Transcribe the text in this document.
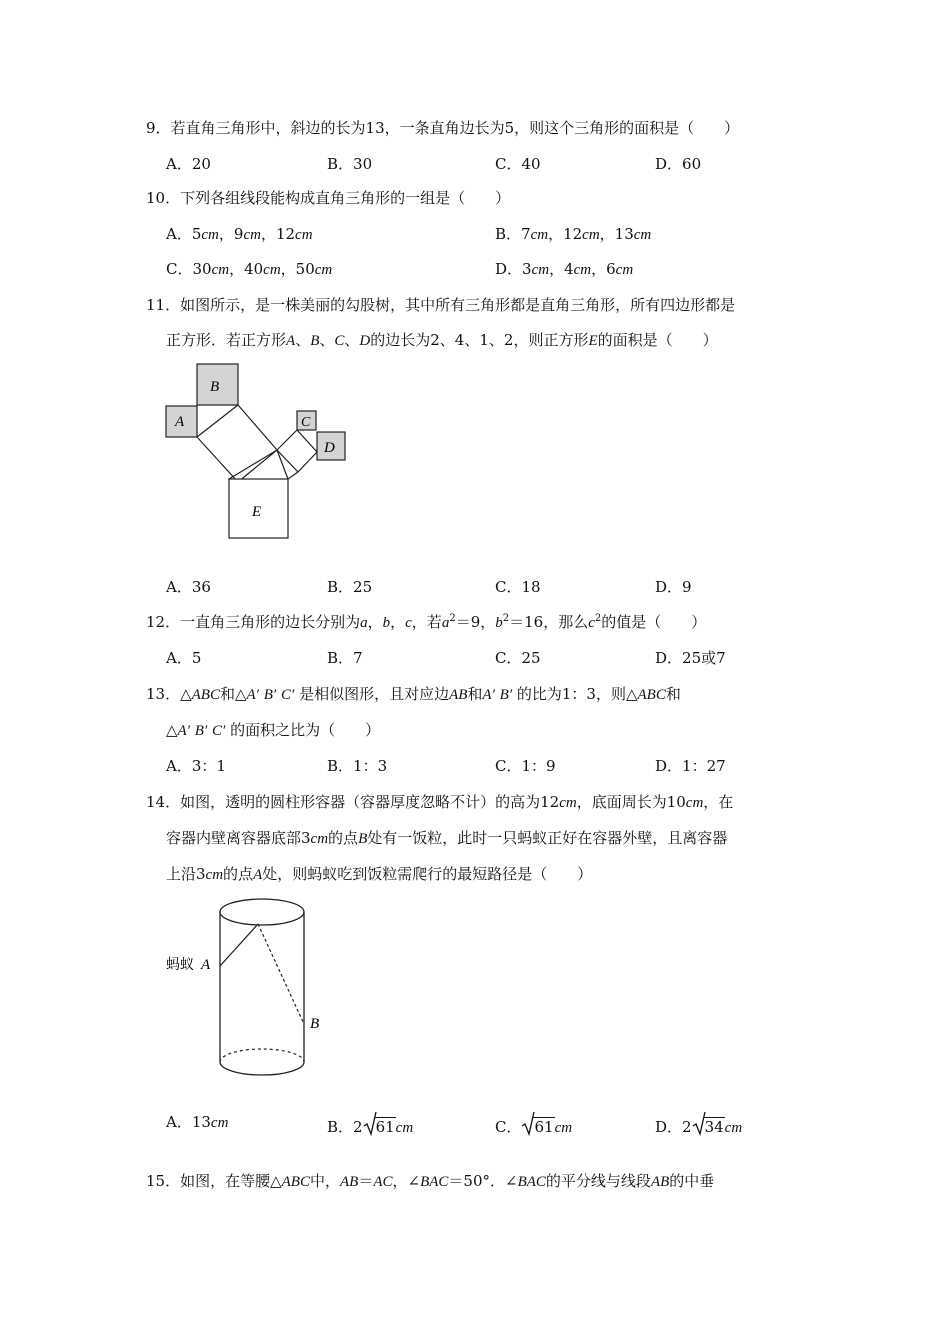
9．若直角三角形中，斜边的长为13，一条直角边长为5，则这个三角形的面积是（　　）
A．20	B．30	C．40	D．60
10．下列各组线段能构成直角三角形的一组是（　　）
A．5cm，9cm，12cm	B．7cm，12cm，13cm
C．30cm，40cm，50cm	D．3cm，4cm，6cm
11．如图所示，是一株美丽的勾股树，其中所有三角形都是直角三角形，所有四边形都是
正方形．若正方形A、B、C、D的边长为2、4、1、2，则正方形E的面积是（　　）
B
A	C
D
E
A．36	B．25	C．18	D．9
12．一直角三角形的边长分别为a，b，c，若$a^2=9$，$b^2=16$，那么$c^2$的值是（　　）
A．5	B．7	C．25	D．25或7
13．△ABC和△A′ B′ C′ 是相似图形，且对应边AB和A′ B′ 的比为1：3，则△ABC和
△A′ B′ C′ 的面积之比为（　　）
A．3：1	B．1：3	C．1：9	D．1：27
14．如图，透明的圆柱形容器（容器厚度忽略不计）的高为12cm，底面周长为10cm，在
容器内壁离容器底部3cm的点B处有一饭粒，此时一只蚂蚁正好在容器外壁，且离容器
上沿3cm的点A处，则蚂蚁吃到饭粒需爬行的最短路径是（　　）
蚂蚁 A
B
A．13cm	B．2 61cm	C． 61cm	D．2 34cm
15．如图，在等腰△ABC中，AB＝AC，∠BAC＝50°．∠BAC的平分线与线段AB的中垂
